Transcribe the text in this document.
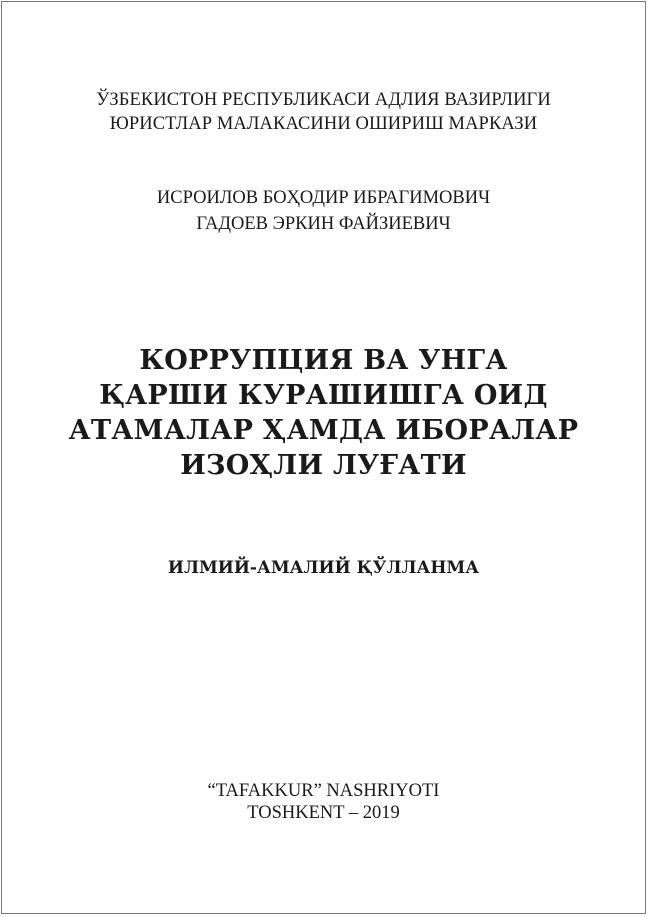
ЎЗБЕКИСТОН РЕСПУБЛИКАСИ АДЛИЯ ВАЗИРЛИГИ
ЮРИСТЛАР МАЛАКАСИНИ ОШИРИШ МАРКАЗИ
ИСРОИЛОВ БОҲОДИР ИБРАГИМОВИЧ
ГАДОЕВ ЭРКИН ФАЙЗИЕВИЧ
КОРРУПЦИЯ ВА УНГА
ҚАРШИ КУРАШИШГА ОИД
АТАМАЛАР ҲАМДА ИБОРАЛАР
ИЗОҲЛИ ЛУҒАТИ
ИЛМИЙ-АМАЛИЙ ҚЎЛЛАНМА
“TAFAKKUR” NASHRIYOTI
TOSHKENT – 2019
